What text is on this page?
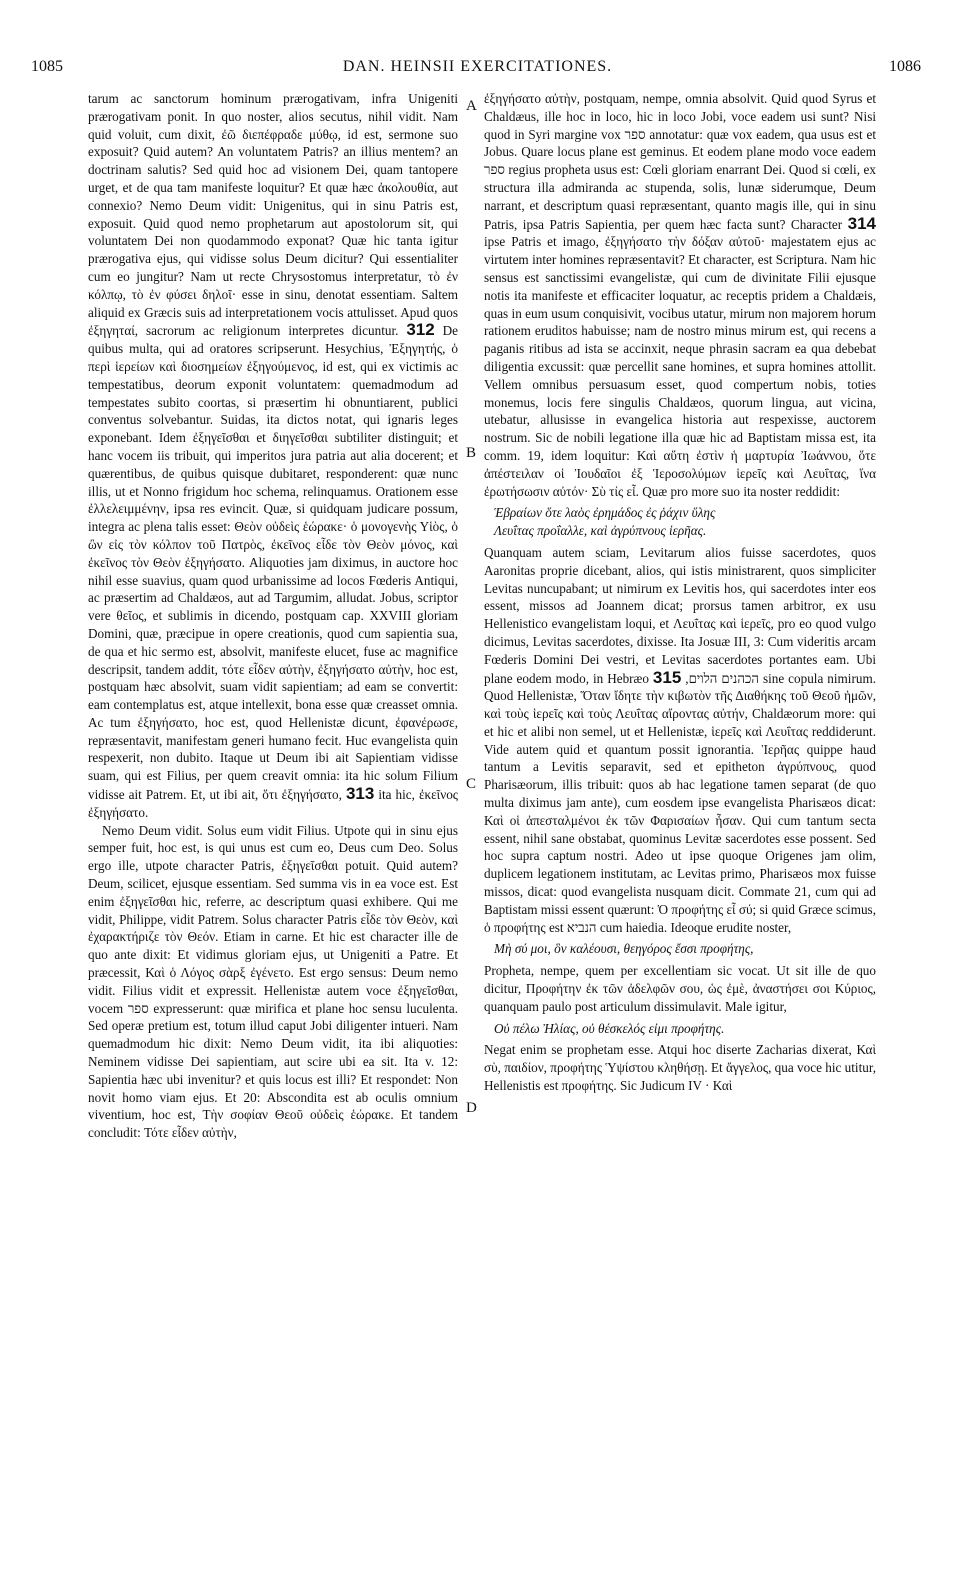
1085	DAN. HEINSII EXERCITATIONES.	1086
A
B
C
D

tarum ac sanctorum hominum prærogativam, infra Unigeniti prærogativam ponit. In quo noster, alios secutus, nihil vidit. Nam quid voluit, cum dixit, ἐῶ διεπέφραδε μύθῳ, id est, sermone suo exposuit? Quid autem? An voluntatem Patris? an illius mentem? an doctrinam salutis? Sed quid hoc ad visionem Dei, quam tantopere urget, et de qua tam manifeste loquitur? Et quæ hæc ἀκολουθία, aut connexio? Nemo Deum vidit: Unigenitus, qui in sinu Patris est, exposuit. Quid quod nemo prophetarum aut apostolorum sit, qui voluntatem Dei non quodammodo exponat? Quæ hic tanta igitur prærogativa ejus, qui vidisse solus Deum dicitur? Qui essentialiter cum eo jungitur? Nam ut recte Chrysostomus interpretatur, τὸ ἐν κόλπῳ, τὸ ἐν φύσει δηλοῖ· esse in sinu, denotat essentiam. Saltem aliquid ex Græcis suis ad interpretationem vocis attulisset. Apud quos ἐξηγηταί, sacrorum ac religionum interpretes dicuntur. 312 De quibus multa, qui ad oratores scripserunt. Hesychius, Ἐξηγητής, ὁ περὶ ἱερείων καὶ διοσημείων ἐξηγούμενος, id est, qui ex victimis ac tempestatibus, deorum exponit voluntatem: quemadmodum ad tempestates subito coortas, si præsertim hi obnuntiarent, publici conventus solvebantur. Suidas, ita dictos notat, qui ignaris leges exponebant. Idem ἐξηγεῖσθαι et διηγεῖσθαι subtiliter distinguit; et hanc vocem iis tribuit, qui imperitos jura patria aut alia docerent; et quærentibus, de quibus quisque dubitaret, responderent: quæ nunc illis, ut et Nonno frigidum hoc schema, relinquamus. Orationem esse ἐλλελειμμένην, ipsa res evincit. Quæ, si quidquam judicare possum, integra ac plena talis esset: Θεὸν οὐδεὶς ἑώρακε· ὁ μονογενὴς Υἱὸς, ὁ ὢν εἰς τὸν κόλπον τοῦ Πατρὸς, ἐκεῖνος εἶδε τὸν Θεὸν μόνος, καὶ ἐκεῖνος τὸν Θεὸν ἐξηγήσατο. Aliquoties jam diximus, in auctore hoc nihil esse suavius, quam quod urbanissime ad locos Fœderis Antiqui, ac præsertim ad Chaldæos, aut ad Targumim, alludat. Jobus, scriptor vere θεῖος, et sublimis in dicendo, postquam cap. XXVIII gloriam Domini, quæ, præcipue in opere creationis, quod cum sapientia sua, de qua et hic sermo est, absolvit, manifeste elucet, fuse ac magnifice descripsit, tandem addit, τότε εἶδεν αὐτὴν, ἐξηγήσατο αὐτὴν, hoc est, postquam hæc absolvit, suam vidit sapientiam; ad eam se convertit: eam contemplatus est, atque intellexit, bona esse quæ creasset omnia. Ac tum ἐξηγήσατο, hoc est, quod Hellenistæ dicunt, ἐφανέρωσε, repræsentavit, manifestam generi humano fecit. Huc evangelista quin respexerit, non dubito. Itaque ut Deum ibi ait Sapientiam vidisse suam, qui est Filius, per quem creavit omnia: ita hic solum Filium vidisse ait Patrem. Et, ut ibi ait, ὅτι ἐξηγήσατο, 313 ita hic, ἐκεῖνος ἐξηγήσατο.

Nemo Deum vidit. Solus eum vidit Filius. Utpote qui in sinu ejus semper fuit, hoc est, is qui unus est cum eo, Deus cum Deo. Solus ergo ille, utpote character Patris, ἐξηγεῖσθαι potuit. Quid autem? Deum, scilicet, ejusque essentiam. Sed summa vis in ea voce est. Est enim ἐξηγεῖσθαι hic, referre, ac descriptum quasi exhibere. Qui me vidit, Philippe, vidit Patrem. Solus character Patris εἶδε τὸν Θεὸν, καὶ ἐχαρακτήριζε τὸν Θεόν. Etiam in carne. Et hic est character ille de quo ante dixit: Et vidimus gloriam ejus, ut Unigeniti a Patre. Et præcessit, Καὶ ὁ Λόγος σὰρξ ἐγένετο. Est ergo sensus: Deum nemo vidit. Filius vidit et expressit. Hellenistæ autem voce ἐξηγεῖσθαι, vocem ספר expresserunt: quæ mirifica et plane hoc sensu luculenta. Sed operæ pretium est, totum illud caput Jobi diligenter intueri. Nam quemadmodum hic dixit: Nemo Deum vidit, ita ibi aliquoties: Neminem vidisse Dei sapientiam, aut scire ubi ea sit. Ita v. 12: Sapientia hæc ubi invenitur? et quis locus est illi? Et respondet: Non novit homo viam ejus. Et 20: Abscondita est ab oculis omnium viventium, hoc est, Τὴν σοφίαν Θεοῦ οὐδεὶς ἑώρακε. Et tandem concludit: Τότε εἶδεν αὐτὴν,

ἐξηγήσατο αὐτὴν, postquam, nempe, omnia absolvit. Quid quod Syrus et Chaldæus, ille hoc in loco, hic in loco Jobi, voce eadem usi sunt? Nisi quod in Syri margine vox ספר annotatur: quæ vox eadem, qua usus est et Jobus. Quare locus plane est geminus. Et eodem plane modo voce eadem ספר regius propheta usus est: Cœli gloriam enarrant Dei. Quod si cœli, ex structura illa admiranda ac stupenda, solis, lunæ siderumque, Deum narrant, et descriptum quasi repræsentant, quanto magis ille, qui in sinu Patris, ipsa Patris Sapientia, per quem hæc facta sunt? Character 314 ipse Patris et imago, ἐξηγήσατο τὴν δόξαν αὐτοῦ· majestatem ejus ac virtutem inter homines repræsentavit? Et character, est Scriptura. Nam hic sensus est sanctissimi evangelistæ, qui cum de divinitate Filii ejusque notis ita manifeste et efficaciter loquatur, ac receptis pridem a Chaldæis, quas in eum usum conquisivit, vocibus utatur, mirum non majorem horum rationem eruditos habuisse; nam de nostro minus mirum est, qui recens a paganis ritibus ad ista se accinxit, neque phrasin sacram ea qua debebat diligentia excussit: quæ percellit sane homines, et supra homines attollit. Vellem omnibus persuasum esset, quod compertum nobis, toties monemus, locis fere singulis Chaldæos, quorum lingua, aut vicina, utebatur, allusisse in evangelica historia aut respexisse, auctorem nostrum. Sic de nobili legatione illa quæ hic ad Baptistam missa est, ita comm. 19, idem loquitur: Καὶ αὕτη ἐστὶν ἡ μαρτυρία Ἰωάννου, ὅτε ἀπέστειλαν οἱ Ἰουδαῖοι ἐξ Ἱεροσολύμων ἱερεῖς καὶ Λευΐτας, ἵνα ἐρωτήσωσιν αὐτόν· Σὺ τίς εἶ. Quæ pro more suo ita noster reddidit:

Ἑβραίων ὅτε λαὸς ἐρημάδος ἐς ῥάχιν ὕλης
Λευΐτας προΐαλλε, καὶ ἀγρύπνους ἱερῆας.

Quanquam autem sciam, Levitarum alios fuisse sacerdotes, quos Aaronitas proprie dicebant, alios, qui istis ministrarent, quos simpliciter Levitas nuncupabant; ut nimirum ex Levitis hos, qui sacerdotes inter eos essent, missos ad Joannem dicat; prorsus tamen arbitror, ex usu Hellenistico evangelistam loqui, et Λευΐτας καὶ ἱερεῖς, pro eo quod vulgo dicimus, Levitas sacerdotes, dixisse. Ita Josuæ III, 3: Cum videritis arcam Fœderis Domini Dei vestri, et Levitas sacerdotes portantes eam. Ubi plane eodem modo, in Hebræo הכהנים הלוים, 315	sine copula nimirum. Quod Hellenistæ, Ὅταν ἴδητε τὴν κιβωτὸν τῆς Διαθήκης τοῦ Θεοῦ ἡμῶν, καὶ τοὺς ἱερεῖς καὶ τοὺς Λευΐτας αἴροντας αὐτήν, Chaldæorum more: qui et hic et alibi non semel, ut et Hellenistæ, ἱερεῖς καὶ Λευΐτας reddiderunt. Vide autem quid et quantum possit ignorantia. Ἱερῆας quippe haud tantum a Levitis separavit, sed et epitheton ἀγρύπνους, quod Pharisæorum, illis tribuit: quos ab hac legatione tamen separat (de quo multa diximus jam ante), cum eosdem ipse evangelista Pharisæos dicat: Καὶ οἱ ἀπεσταλμένοι ἐκ τῶν Φαρισαίων ἦσαν. Qui cum tantum secta essent, nihil sane obstabat, quominus Levitæ sacerdotes esse possent. Sed hoc supra captum nostri. Adeo ut ipse quoque Origenes jam olim, duplicem legationem institutam, ac Levitas primo, Pharisæos mox fuisse missos, dicat: quod evangelista nusquam dicit. Commate 21, cum qui ad Baptistam missi essent quærunt: Ὁ προφήτης εἶ σύ; si quid Græce scimus, ὁ προφήτης est הנביא cum haiedia. Ideoque erudite noster,

Μὴ σύ μοι, ὃν καλέουσι, θεηγόρος ἔσσι προφήτης,

Propheta, nempe, quem per excellentiam sic vocat. Ut sit ille de quo dicitur, Προφήτην ἐκ τῶν ἀδελφῶν σου, ὡς ἐμὲ, ἀναστήσει σοι Κύριος, quanquam paulo post articulum dissimulavit. Male igitur,

Οὐ πέλω Ἠλίας, οὐ θέσκελός εἰμι προφήτης.

Negat enim se prophetam esse. Atqui hoc diserte Zacharias dixerat, Καὶ σὺ, παιδίον, προφήτης Ὑψίστου κληθήσῃ. Et ἄγγελος, qua voce hic utitur, Hellenistis est προφήτης. Sic Judicum IV · Καὶ
